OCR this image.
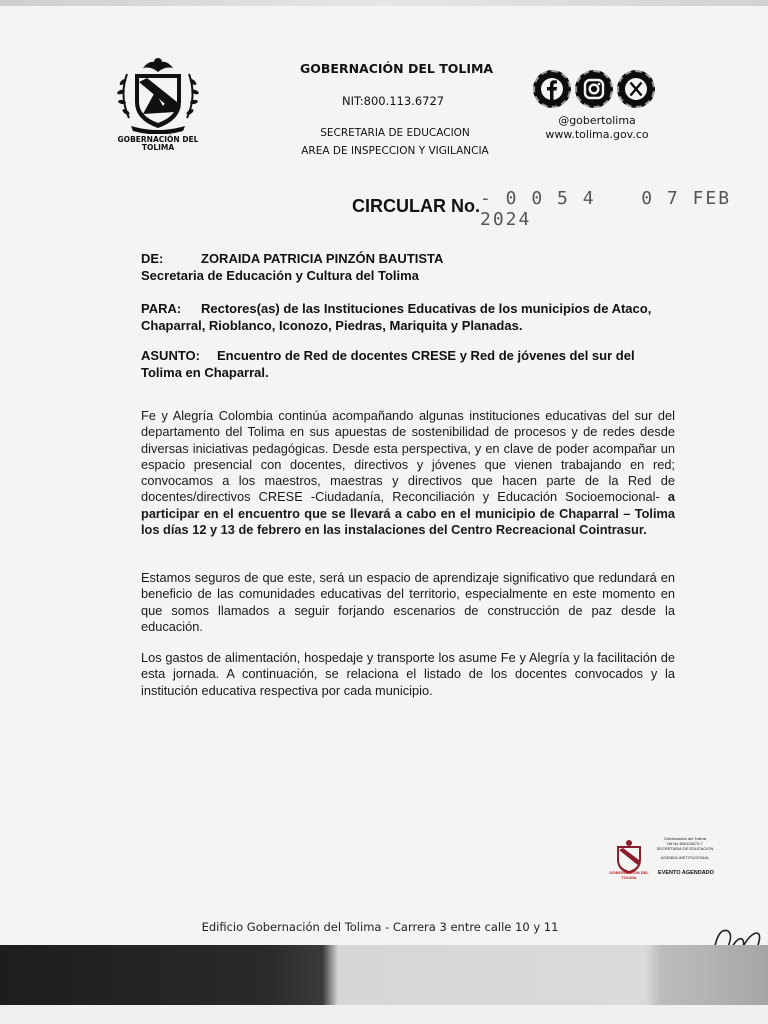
GOBERNACIÓN DEL TOLIMA
GOBERNACIÓN DEL TOLIMA
NIT:800.113.6727
SECRETARIA DE EDUCACION
AREA DE INSPECCION Y VIGILANCIA
@gobertolima
www.tolima.gov.co
CIRCULAR No. - 0 0 5 4	0 7 FEB 2024
DE:	ZORAIDA PATRICIA PINZÓN BAUTISTA
Secretaria de Educación y Cultura del Tolima
PARA: Rectores(as) de las Instituciones Educativas de los municipios de Ataco,
Chaparral, Rioblanco, Iconozo, Piedras, Mariquita y Planadas.
ASUNTO: Encuentro de Red de docentes CRESE y Red de jóvenes del sur del
Tolima en Chaparral.
Fe y Alegría Colombia continúa acompañando algunas instituciones educativas del sur del departamento del Tolima en sus apuestas de sostenibilidad de procesos y de redes desde diversas iniciativas pedagógicas. Desde esta perspectiva, y en clave de poder acompañar un espacio presencial con docentes, directivos y jóvenes que vienen trabajando en red; convocamos a los maestros, maestras y directivos que hacen parte de la Red de docentes/directivos CRESE -Ciudadanía, Reconciliación y Educación Socioemocional- a participar en el encuentro que se llevará a cabo en el municipio de Chaparral – Tolima los días 12 y 13 de febrero en las instalaciones del Centro Recreacional Cointrasur.
Estamos seguros de que este, será un espacio de aprendizaje significativo que redundará en beneficio de las comunidades educativas del territorio, especialmente en este momento en que somos llamados a seguir forjando escenarios de construcción de paz desde la educación.
Los gastos de alimentación, hospedaje y transporte los asume Fe y Alegría y la facilitación de esta jornada. A continuación, se relaciona el listado de los docentes convocados y la institución educativa respectiva por cada municipio.
GOBERNACIÓN DEL TOLIMA
Gobernación del Tolima
Nit No 800113672-7
SECRETARIA DE EDUCACION
AGENDA INSTITUCIONAL
EVENTO AGENDADO
Edificio Gobernación del Tolima - Carrera 3 entre calle 10 y 11
